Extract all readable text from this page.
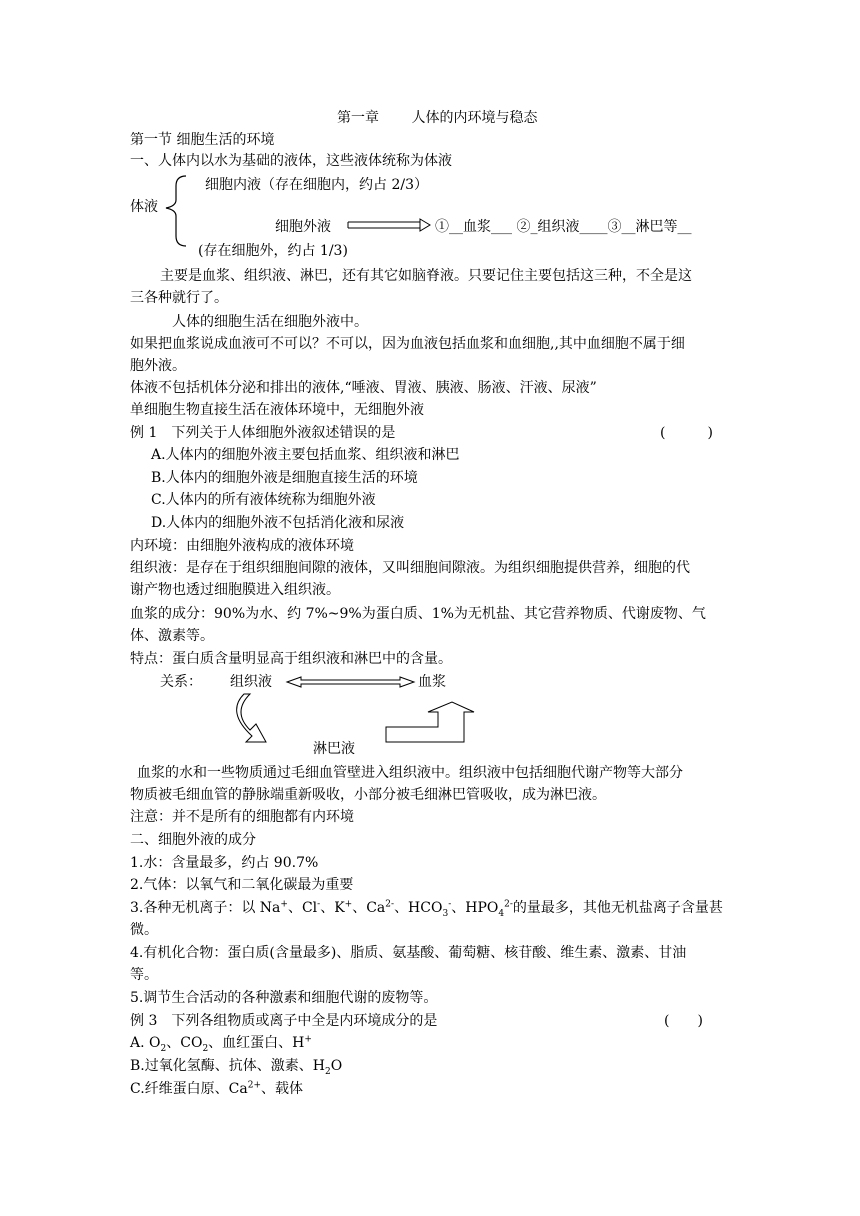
第一章　　 人体的内环境与稳态
第一节 细胞生活的环境
一、人体内以水为基础的液体，这些液体统称为体液
细胞内液（存在细胞内，约占 2/3）
体液
细胞外液	①__血浆___ ②_组织液____③__淋巴等__
(存在细胞外，约占 1/3)
主要是血浆、组织液、淋巴，还有其它如脑脊液。只要记住主要包括这三种，不全是这
三各种就行了。
人体的细胞生活在细胞外液中。
如果把血浆说成血液可不可以？不可以，因为血液包括血浆和血细胞,,其中血细胞不属于细
胞外液。
体液不包括机体分泌和排出的液体,“唾液、胃液、胰液、肠液、汗液、尿液”
单细胞生物直接生活在液体环境中，无细胞外液
例 1　下列关于人体细胞外液叙述错误的是	(　　　)
A.人体内的细胞外液主要包括血浆、组织液和淋巴
B.人体内的细胞外液是细胞直接生活的环境
C.人体内的所有液体统称为细胞外液
D.人体内的细胞外液不包括消化液和尿液
内环境：由细胞外液构成的液体环境
组织液：是存在于组织细胞间隙的液体，又叫细胞间隙液。为组织细胞提供营养，细胞的代
谢产物也透过细胞膜进入组织液。
血浆的成分：90%为水、约 7%~9%为蛋白质、1%为无机盐、其它营养物质、代谢废物、气
体、激素等。
特点：蛋白质含量明显高于组织液和淋巴中的含量。
关系： 组织液	血浆
淋巴液
血浆的水和一些物质通过毛细血管壁进入组织液中。组织液中包括细胞代谢产物等大部分
物质被毛细血管的静脉端重新吸收，小部分被毛细淋巴管吸收，成为淋巴液。
注意：并不是所有的细胞都有内环境
二、细胞外液的成分
1.水：含量最多，约占 90.7%
2.气体：以氧气和二氧化碳最为重要
3.各种无机离子：以 Na+、Cl-、K+、$Ca^{2-}$、$HCO_3^-$、$HPO_4^{2-}$的量最多，其他无机盐离子含量甚
微。
4.有机化合物：蛋白质(含量最多)、脂质、氨基酸、葡萄糖、核苷酸、维生素、激素、甘油
等。
5.调节生合活动的各种激素和细胞代谢的废物等。
例 3　下列各组物质或离子中全是内环境成分的是	(　　)
A. $O_2$、$CO_2$、血红蛋白、H+
B.过氧化氢酶、抗体、激素、$H_2O$
C.纤维蛋白原、$Ca^{2+}$、载体
